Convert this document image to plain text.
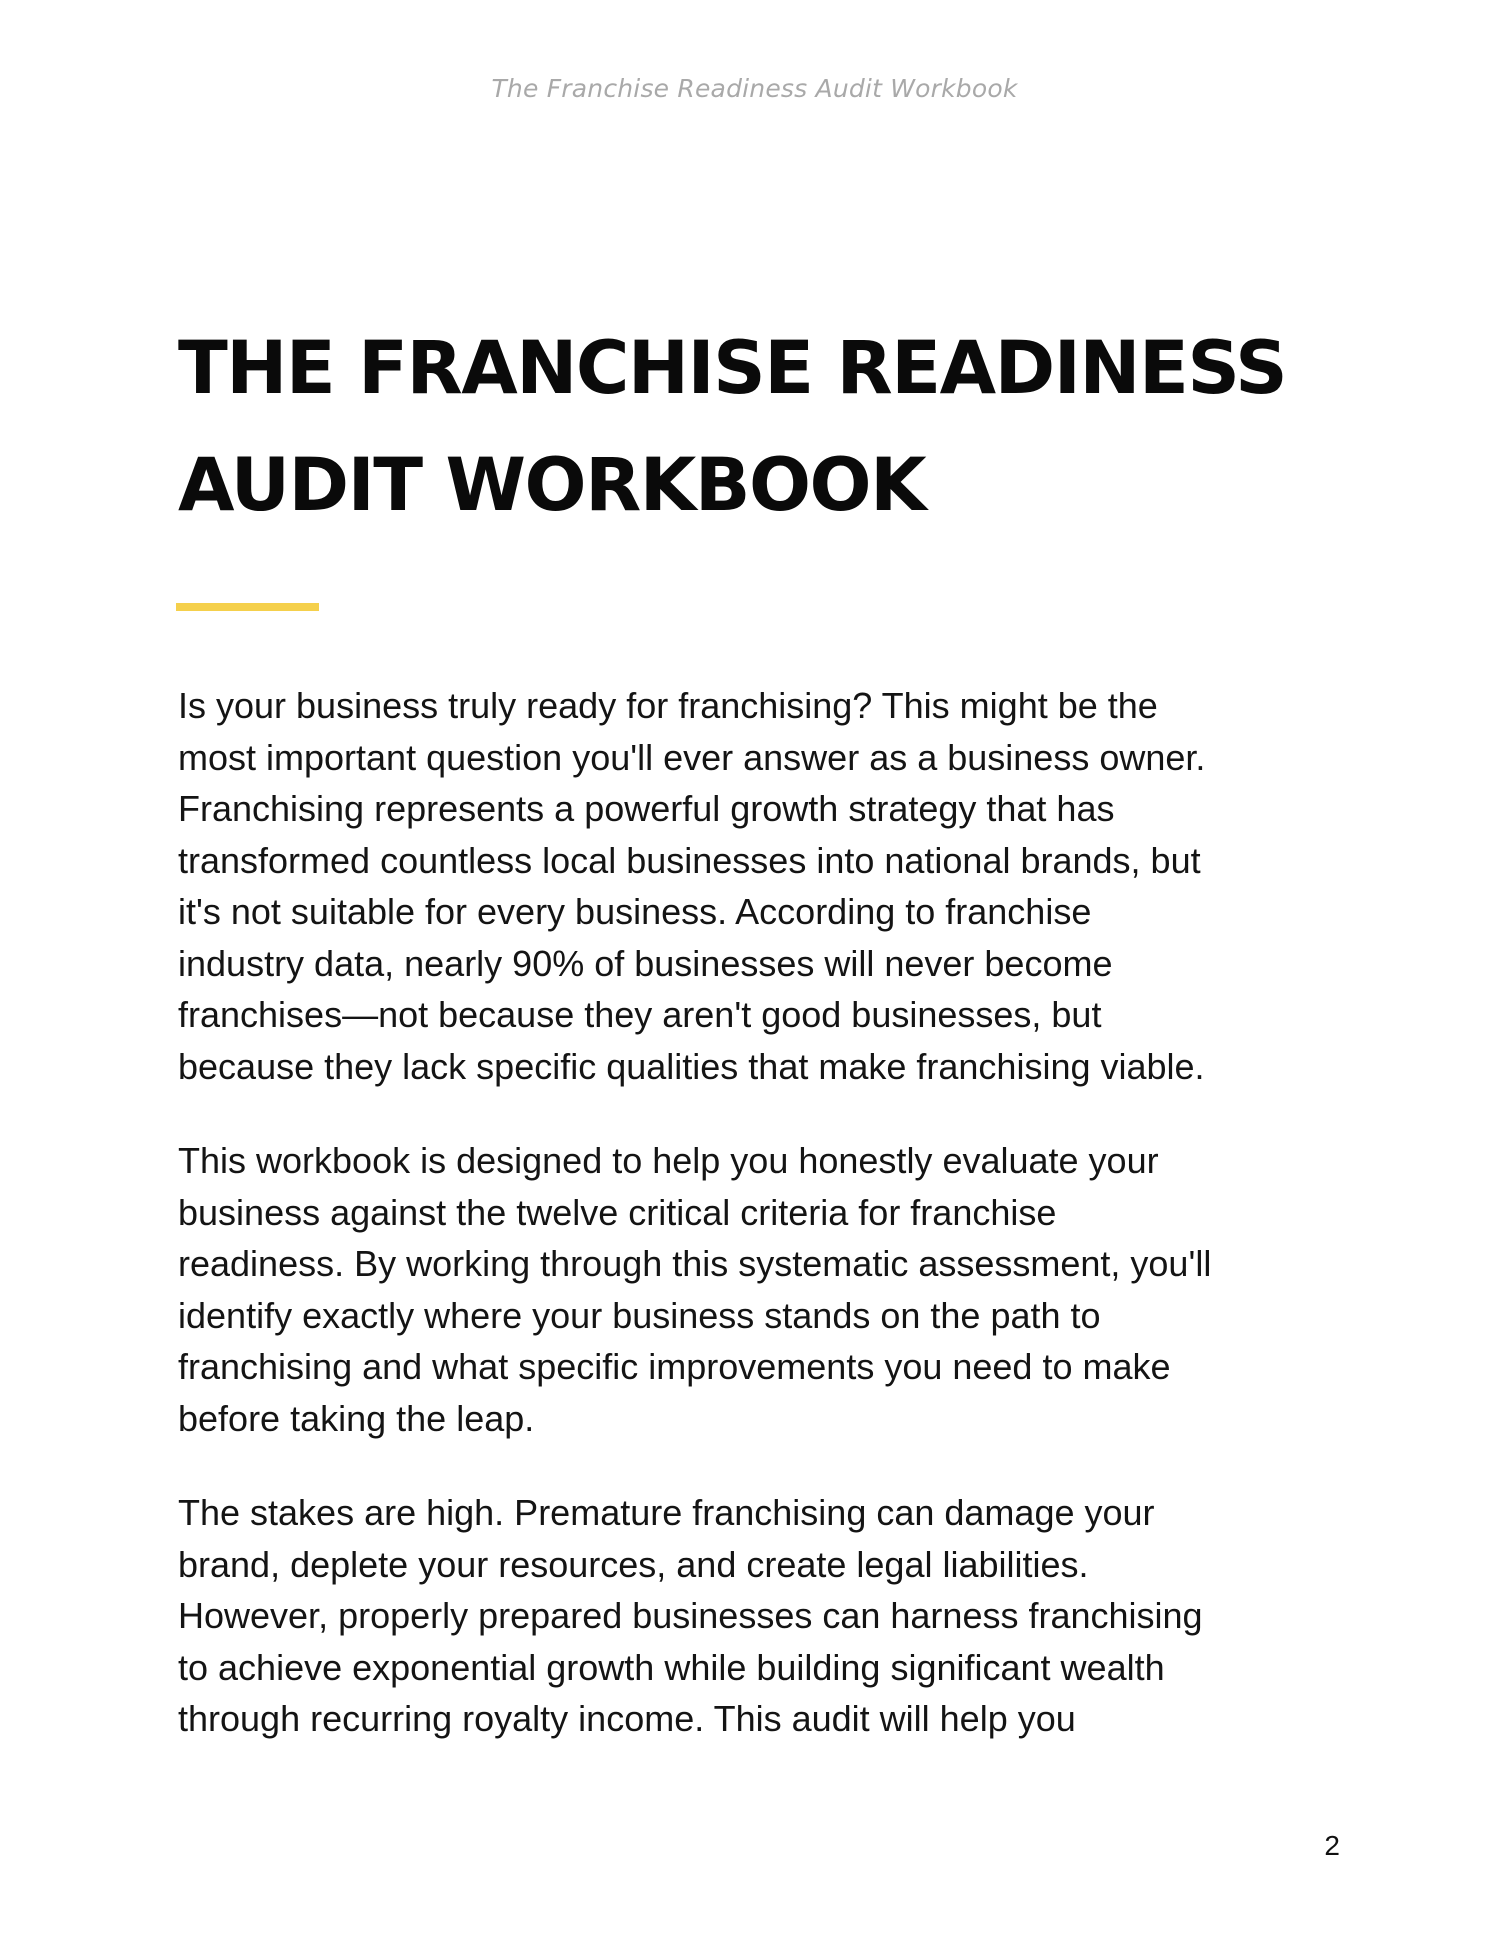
The Franchise Readiness Audit Workbook
THE FRANCHISE READINESS
AUDIT WORKBOOK

Is your business truly ready for franchising? This might be the
most important question you'll ever answer as a business owner.
Franchising represents a powerful growth strategy that has
transformed countless local businesses into national brands, but
it's not suitable for every business. According to franchise
industry data, nearly 90% of businesses will never become
franchises—not because they aren't good businesses, but
because they lack specific qualities that make franchising viable.

This workbook is designed to help you honestly evaluate your
business against the twelve critical criteria for franchise
readiness. By working through this systematic assessment, you'll
identify exactly where your business stands on the path to
franchising and what specific improvements you need to make
before taking the leap.

The stakes are high. Premature franchising can damage your
brand, deplete your resources, and create legal liabilities.
However, properly prepared businesses can harness franchising
to achieve exponential growth while building significant wealth
through recurring royalty income. This audit will help you

2
